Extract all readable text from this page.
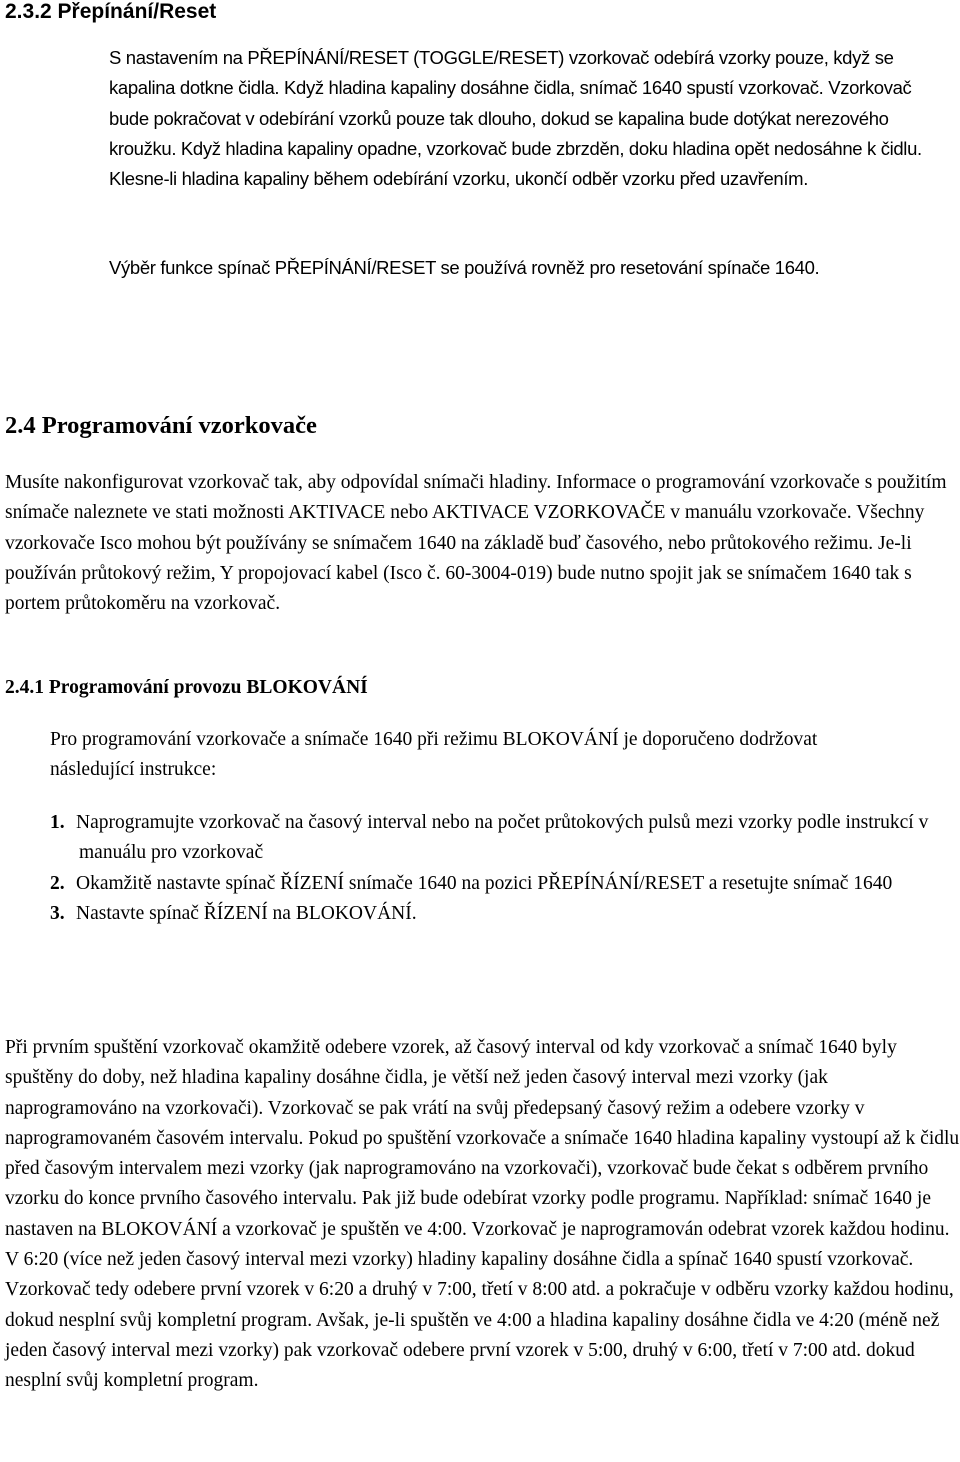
2.3.2 Přepínání/Reset

S nastavením na PŘEPÍNÁNÍ/RESET (TOGGLE/RESET) vzorkovač odebírá vzorky pouze, když se kapalina dotkne čidla. Když hladina kapaliny dosáhne čidla, snímač 1640 spustí vzorkovač. Vzorkovač bude pokračovat v odebírání vzorků pouze tak dlouho, dokud se kapalina bude dotýkat nerezového kroužku. Když hladina kapaliny opadne, vzorkovač bude zbrzděn, doku hladina opět nedosáhne k čidlu. Klesne-li hladina kapaliny během odebírání vzorku, ukončí odběr vzorku před uzavřením.

Výběr funkce spínač PŘEPÍNÁNÍ/RESET se používá rovněž pro resetování spínače 1640.

2.4 Programování vzorkovače

Musíte nakonfigurovat vzorkovač tak, aby odpovídal snímači hladiny. Informace o programování vzorkovače s použitím snímače naleznete ve stati možnosti AKTIVACE nebo AKTIVACE VZORKOVAČE v manuálu vzorkovače. Všechny vzorkovače Isco mohou být používány se snímačem 1640 na základě buď časového, nebo průtokového režimu. Je-li používán průtokový režim, Y propojovací kabel (Isco č. 60-3004-019) bude nutno spojit jak se snímačem 1640 tak s portem průtokoměru na vzorkovač.

2.4.1 Programování provozu BLOKOVÁNÍ

Pro programování vzorkovače a snímače 1640 při režimu BLOKOVÁNÍ je doporučeno dodržovat následující instrukce:

1. Naprogramujte vzorkovač na časový interval nebo na počet průtokových pulsů mezi vzorky podle instrukcí v manuálu pro vzorkovač

2. Okamžitě nastavte spínač ŘÍZENÍ snímače 1640 na pozici PŘEPÍNÁNÍ/RESET a resetujte snímač 1640

3. Nastavte spínač ŘÍZENÍ na BLOKOVÁNÍ.

Při prvním spuštění vzorkovač okamžitě odebere vzorek, až časový interval od kdy vzorkovač a snímač 1640 byly spuštěny do doby, než hladina kapaliny dosáhne čidla, je větší než jeden časový interval mezi vzorky (jak naprogramováno na vzorkovači). Vzorkovač se pak vrátí na svůj předepsaný časový režim a odebere vzorky v naprogramovaném časovém intervalu. Pokud po spuštění vzorkovače a snímače 1640 hladina kapaliny vystoupí až k čidlu před časovým intervalem mezi vzorky (jak naprogramováno na vzorkovači), vzorkovač bude čekat s odběrem prvního vzorku do konce prvního časového intervalu. Pak již bude odebírat vzorky podle programu. Například: snímač 1640 je nastaven na BLOKOVÁNÍ a vzorkovač je spuštěn ve 4:00. Vzorkovač je naprogramován odebrat vzorek každou hodinu. V 6:20 (více než jeden časový interval mezi vzorky) hladiny kapaliny dosáhne čidla a spínač 1640 spustí vzorkovač. Vzorkovač tedy odebere první vzorek v 6:20 a druhý v 7:00, třetí v 8:00 atd. a pokračuje v odběru vzorky každou hodinu, dokud nesplní svůj kompletní program. Avšak, je-li spuštěn ve 4:00 a hladina kapaliny dosáhne čidla ve 4:20 (méně než jeden časový interval mezi vzorky) pak vzorkovač odebere první vzorek v 5:00, druhý v 6:00, třetí v 7:00 atd. dokud nesplní svůj kompletní program.
